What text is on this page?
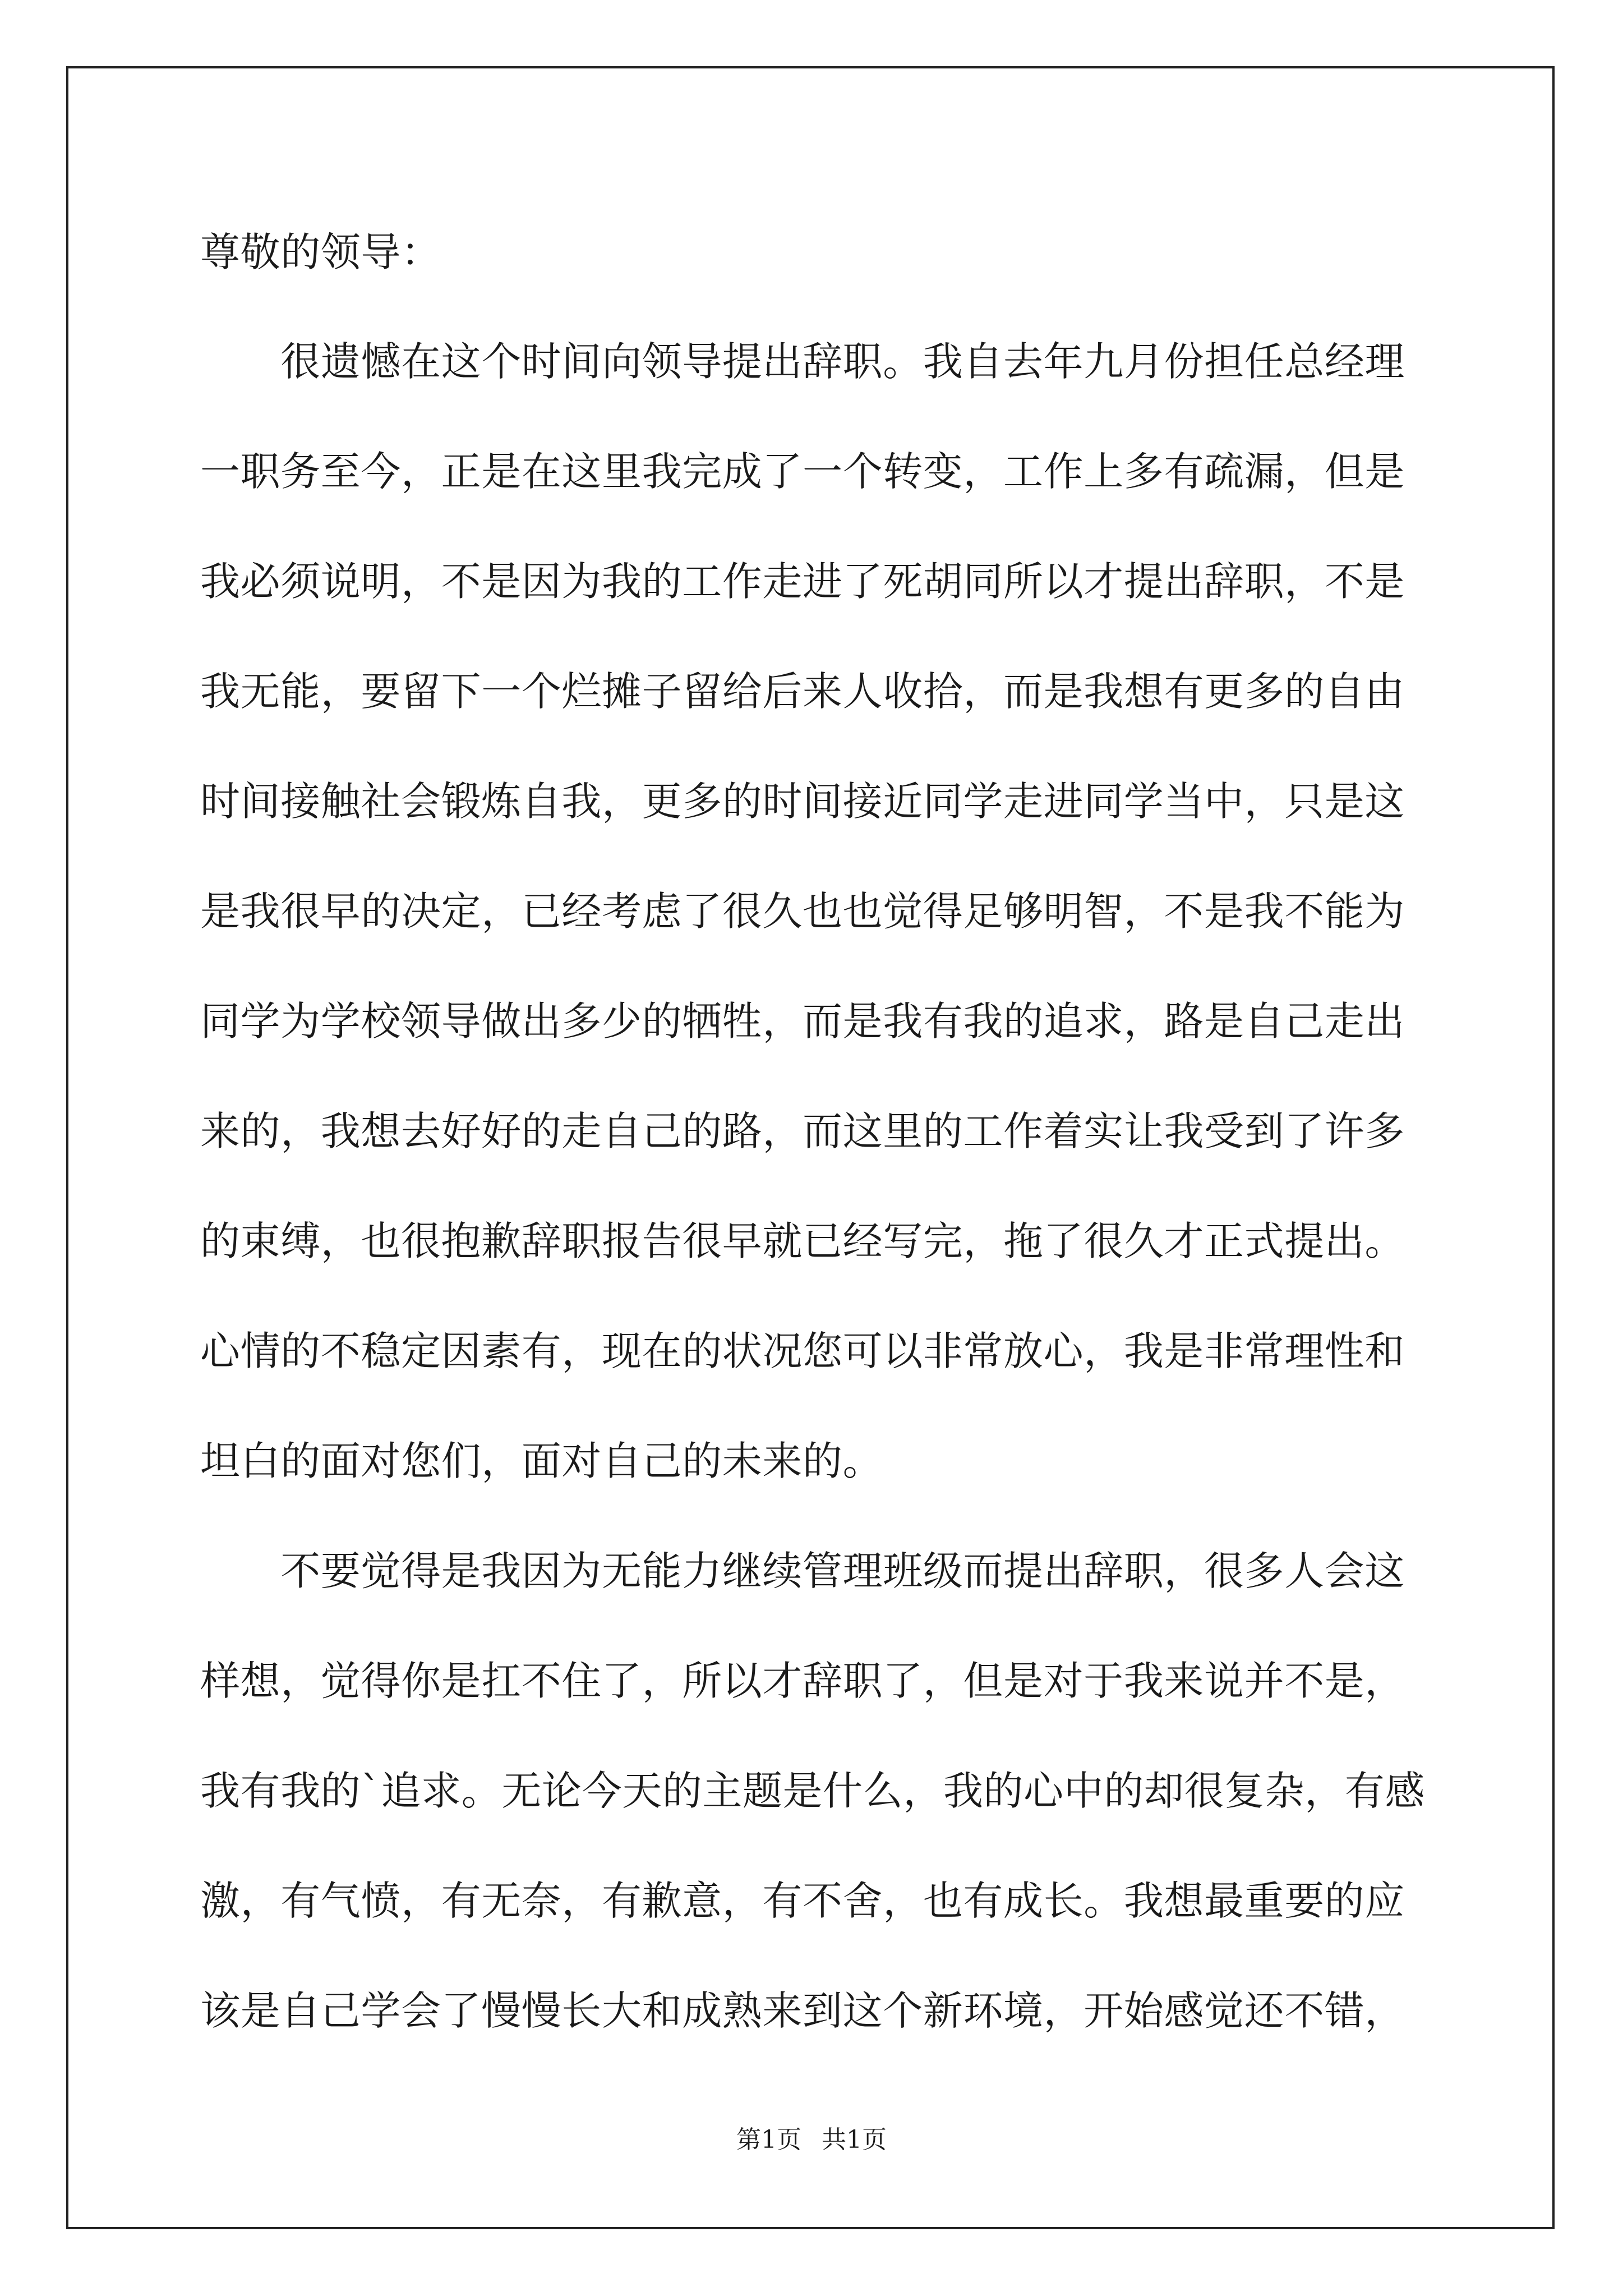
尊敬的领导：

　　很遗憾在这个时间向领导提出辞职。我自去年九月份担任总经理

一职务至今，正是在这里我完成了一个转变，工作上多有疏漏，但是

我必须说明，不是因为我的工作走进了死胡同所以才提出辞职，不是

我无能，要留下一个烂摊子留给后来人收拾，而是我想有更多的自由

时间接触社会锻炼自我，更多的时间接近同学走进同学当中，只是这

是我很早的决定，已经考虑了很久也也觉得足够明智，不是我不能为

同学为学校领导做出多少的牺牲，而是我有我的追求，路是自己走出

来的，我想去好好的走自己的路，而这里的工作着实让我受到了许多

的束缚，也很抱歉辞职报告很早就已经写完，拖了很久才正式提出。

心情的不稳定因素有，现在的状况您可以非常放心，我是非常理性和

坦白的面对您们，面对自己的未来的。

　　不要觉得是我因为无能力继续管理班级而提出辞职，很多人会这

样想，觉得你是扛不住了，所以才辞职了，但是对于我来说并不是，

我有我的`追求。无论今天的主题是什么，我的心中的却很复杂，有感

激，有气愤，有无奈，有歉意，有不舍，也有成长。我想最重要的应

该是自己学会了慢慢长大和成熟来到这个新环境，开始感觉还不错，

第1页 共1页
